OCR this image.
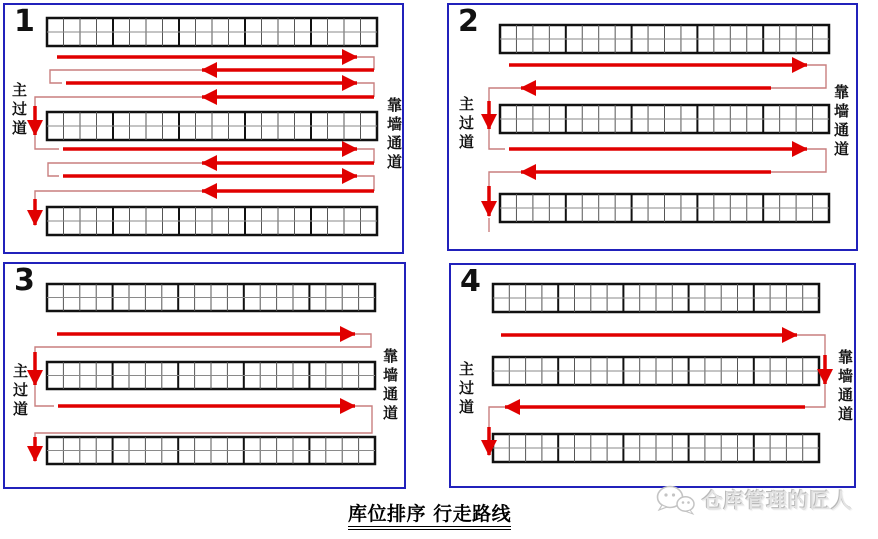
1
主过道
靠墙通道
2
主过道
靠墙通道
3
主过道
靠墙通道
4
主过道
靠墙通道
库位排序 行走路线
仓库管理的匠人
